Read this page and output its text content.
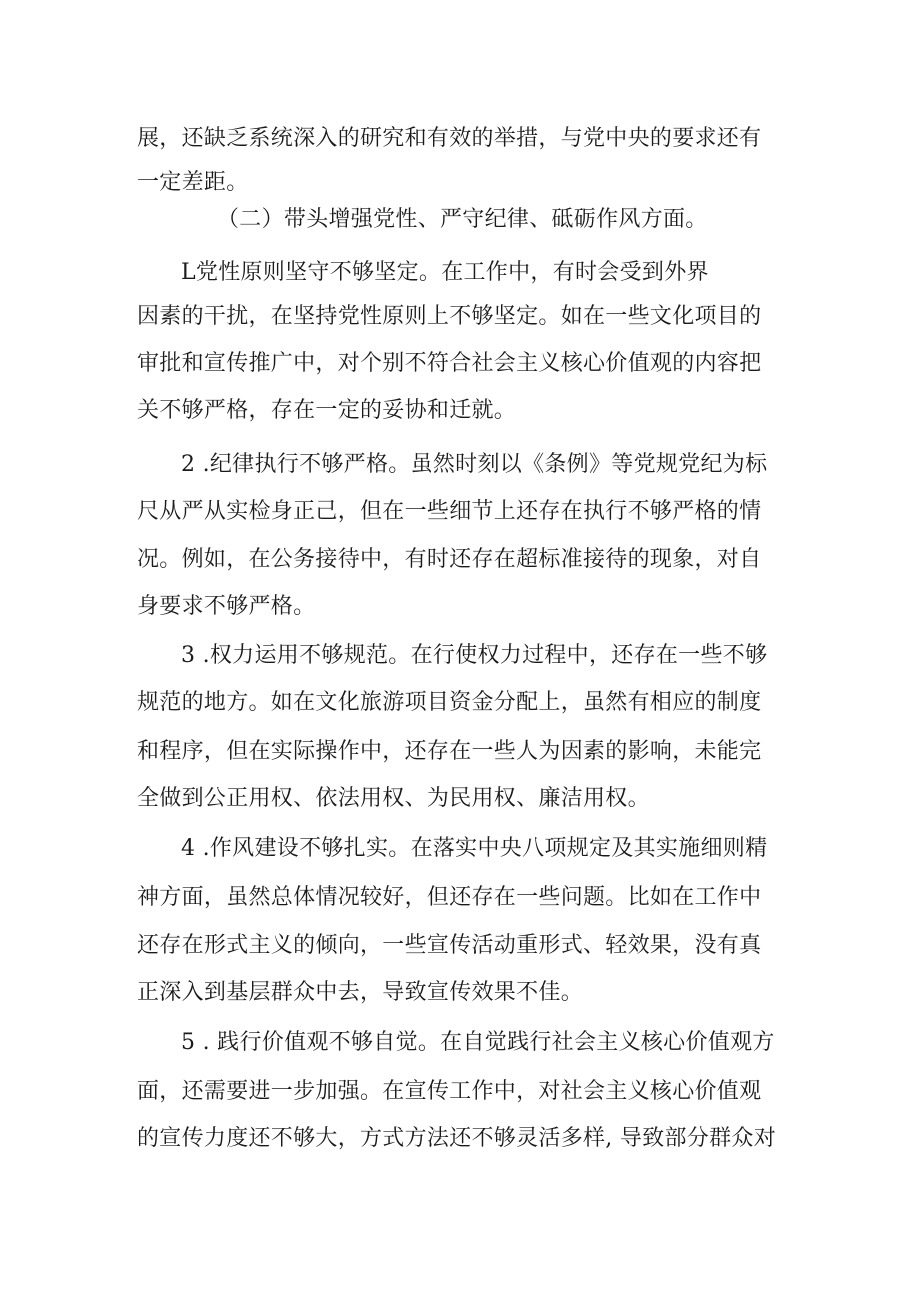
展，还缺乏系统深入的研究和有效的举措，与党中央的要求还有
一定差距。
（二）带头增强党性、严守纪律、砥砺作风方面。
L党性原则坚守不够坚定。在工作中，有时会受到外界
因素的干扰，在坚持党性原则上不够坚定。如在一些文化项目的
审批和宣传推广中，对个别不符合社会主义核心价值观的内容把
关不够严格，存在一定的妥协和迁就。
2 .纪律执行不够严格。虽然时刻以《条例》等党规党纪为标
尺从严从实检身正己，但在一些细节上还存在执行不够严格的情
况。例如，在公务接待中，有时还存在超标准接待的现象，对自
身要求不够严格。
3 .权力运用不够规范。在行使权力过程中，还存在一些不够
规范的地方。如在文化旅游项目资金分配上，虽然有相应的制度
和程序，但在实际操作中，还存在一些人为因素的影响，未能完
全做到公正用权、依法用权、为民用权、廉洁用权。
4 .作风建设不够扎实。在落实中央八项规定及其实施细则精
神方面，虽然总体情况较好，但还存在一些问题。比如在工作中
还存在形式主义的倾向，一些宣传活动重形式、轻效果，没有真
正深入到基层群众中去，导致宣传效果不佳。
5 . 践行价值观不够自觉。在自觉践行社会主义核心价值观方
面，还需要进一步加强。在宣传工作中，对社会主义核心价值观
的宣传力度还不够大，方式方法还不够灵活多样, 导致部分群众对
